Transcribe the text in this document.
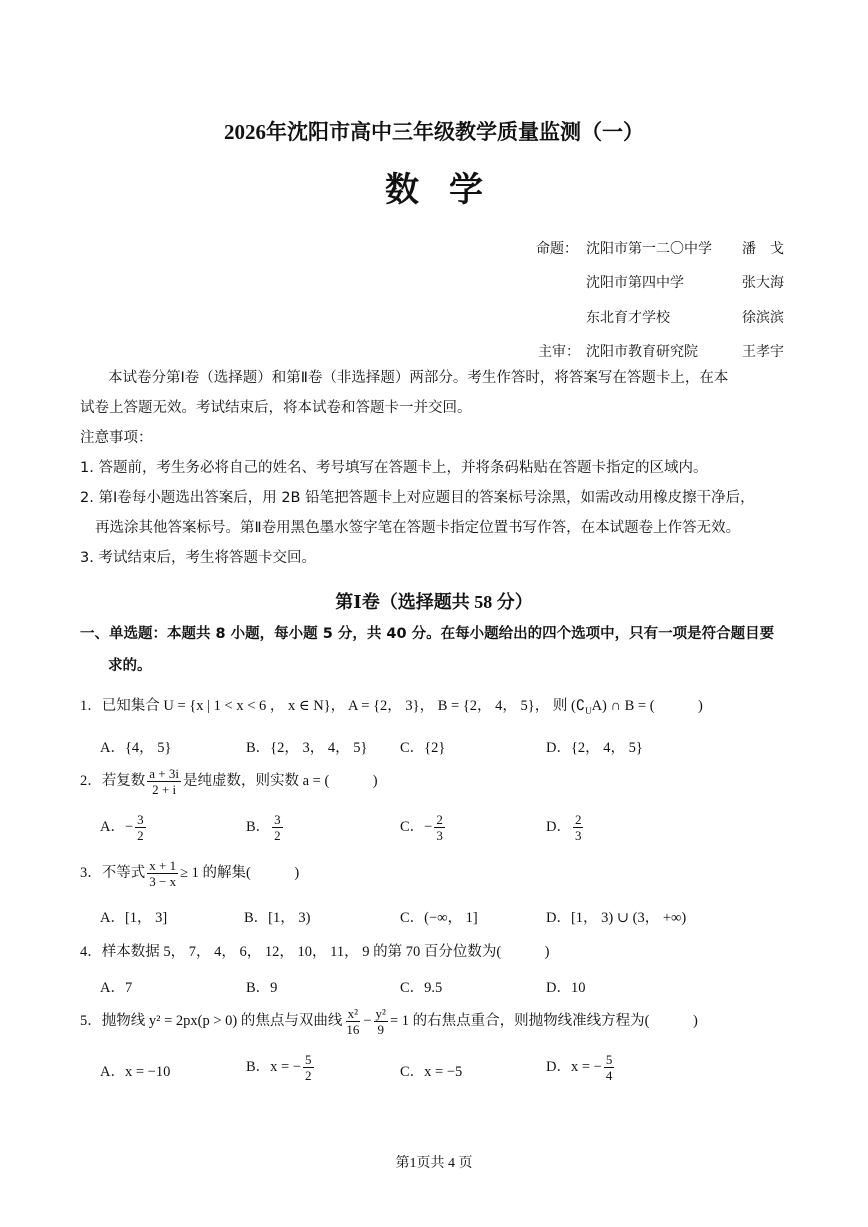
2026年沈阳市高中三年级教学质量监测（一）
数学
命题： 沈阳市第一二〇中学 潘　戈
沈阳市第四中学	张大海
东北育才学校	徐滨滨
主审： 沈阳市教育研究院	王孝宇
本试卷分第Ⅰ卷（选择题）和第Ⅱ卷（非选择题）两部分。考生作答时，将答案写在答题卡上，在本
试卷上答题无效。考试结束后，将本试卷和答题卡一并交回。
注意事项：
1. 答题前，考生务必将自己的姓名、考号填写在答题卡上，并将条码粘贴在答题卡指定的区域内。
2. 第Ⅰ卷每小题选出答案后，用 2B 铅笔把答题卡上对应题目的答案标号涂黑，如需改动用橡皮擦干净后，
再选涂其他答案标号。第Ⅱ卷用黑色墨水签字笔在答题卡指定位置书写作答，在本试题卷上作答无效。
3. 考试结束后，考生将答题卡交回。
第Ⅰ卷（选择题共 58 分）
一、单选题：本题共 8 小题，每小题 5 分，共 40 分。在每小题给出的四个选项中，只有一项是符合题目要
求的。
1．已知集合 U = {x | 1 < x < 6 ， x ∈ N}， A = {2， 3}， B = {2， 4， 5}， 则 $(∁_UA)$ ∩ B = (　　　)
A．{4， 5}	B．{2， 3， 4， 5} C．{2}	D．{2， 4， 5}
2．若复数 $\frac{a + 3i}{2 + i}$ 是纯虚数，则实数 a = (　　　)
A．− $\frac{3}{2}$	B． $\frac{3}{2}$	C．− $\frac{2}{3}$	D． $\frac{2}{3}$
3．不等式 $\frac{x + 1}{3 - x} \ge 1$ 的解集(　　　)
A．[1， 3]	B．[1， 3)	C．(−∞， 1]	D．[1， 3) ∪ (3， +∞)
4．样本数据 5， 7， 4， 6， 12， 10， 11， 9 的第 70 百分位数为(　　　)
A．7	B．9	C．9.5	D．10
5．抛物线 y² = 2px(p > 0) 的焦点与双曲线 $\frac{\text{x²}}{16} - \frac{\text{y²}}{9} = 1$ 的右焦点重合，则抛物线准线方程为(　　　)
A．x = −10	B．x = − $\frac{5}{2}$	C．x = −5	D．x = − $\frac{5}{4}$
第1页共 4 页
